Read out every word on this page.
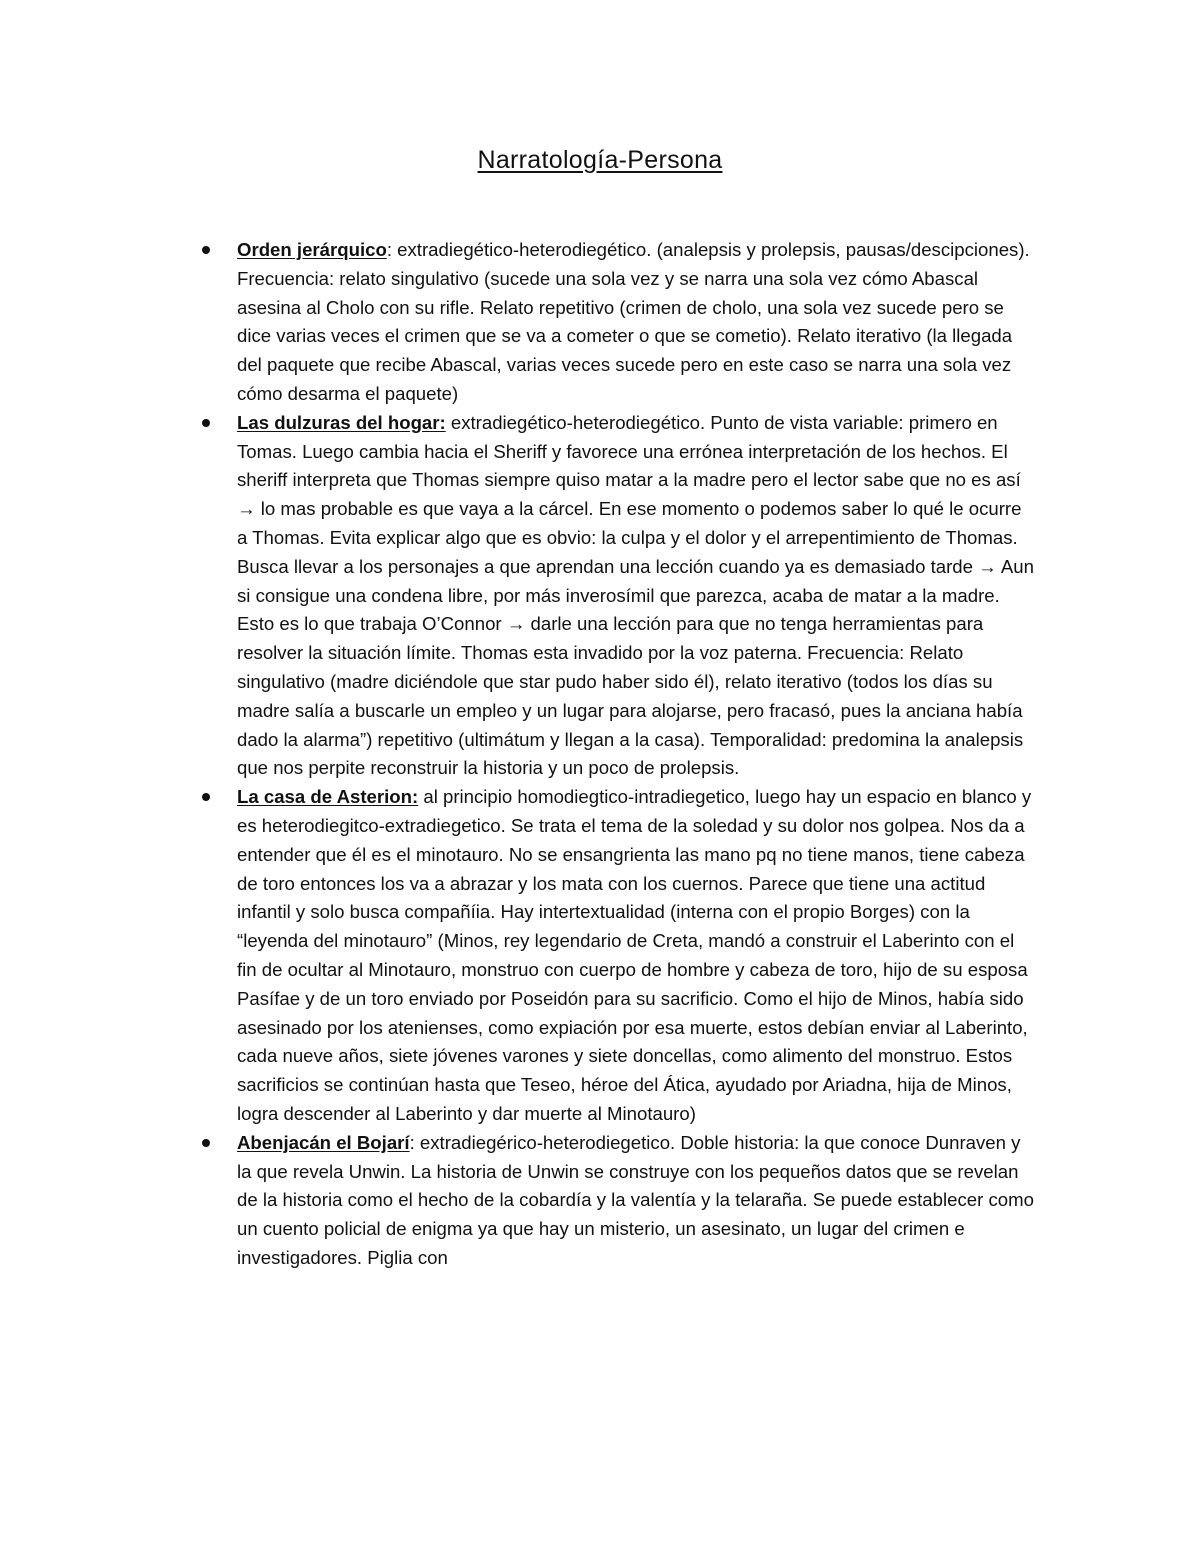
Narratología-Persona
Orden jerárquico: extradiegético-heterodiegético. (analepsis y prolepsis, pausas/descipciones). Frecuencia: relato singulativo (sucede una sola vez y se narra una sola vez cómo Abascal asesina al Cholo con su rifle. Relato repetitivo (crimen de cholo, una sola vez sucede pero se dice varias veces el crimen que se va a cometer o que se cometio). Relato iterativo (la llegada del paquete que recibe Abascal, varias veces sucede pero en este caso se narra una sola vez cómo desarma el paquete)
Las dulzuras del hogar: extradiegético-heterodiegético. Punto de vista variable: primero en Tomas. Luego cambia hacia el Sheriff y favorece una errónea interpretación de los hechos. El sheriff interpreta que Thomas siempre quiso matar a la madre pero el lector sabe que no es así → lo mas probable es que vaya a la cárcel. En ese momento o podemos saber lo qué le ocurre a Thomas. Evita explicar algo que es obvio: la culpa y el dolor y el arrepentimiento de Thomas. Busca llevar a los personajes a que aprendan una lección cuando ya es demasiado tarde → Aun si consigue una condena libre, por más inverosímil que parezca, acaba de matar a la madre. Esto es lo que trabaja O’Connor → darle una lección para que no tenga herramientas para resolver la situación límite. Thomas esta invadido por la voz paterna. Frecuencia: Relato singulativo (madre diciéndole que star pudo haber sido él), relato iterativo (todos los días su madre salía a buscarle un empleo y un lugar para alojarse, pero fracasó, pues la anciana había dado la alarma”) repetitivo (ultimátum y llegan a la casa). Temporalidad: predomina la analepsis que nos perpite reconstruir la historia y un poco de prolepsis.
La casa de Asterion: al principio homodiegtico-intradiegetico, luego hay un espacio en blanco y es heterodiegitco-extradiegetico. Se trata el tema de la soledad y su dolor nos golpea. Nos da a entender que él es el minotauro. No se ensangrienta las mano pq no tiene manos, tiene cabeza de toro entonces los va a abrazar y los mata con los cuernos. Parece que tiene una actitud infantil y solo busca compañíia. Hay intertextualidad (interna con el propio Borges) con la “leyenda del minotauro” (Minos, rey legendario de Creta, mandó a construir el Laberinto con el fin de ocultar al Minotauro, monstruo con cuerpo de hombre y cabeza de toro, hijo de su esposa Pasífae y de un toro enviado por Poseidón para su sacrificio. Como el hijo de Minos, había sido asesinado por los atenienses, como expiación por esa muerte, estos debían enviar al Laberinto, cada nueve años, siete jóvenes varones y siete doncellas, como alimento del monstruo. Estos sacrificios se continúan hasta que Teseo, héroe del Ática, ayudado por Ariadna, hija de Minos, logra descender al Laberinto y dar muerte al Minotauro)
Abenjacán el Bojarí: extradiegérico-heterodiegetico. Doble historia: la que conoce Dunraven y la que revela Unwin. La historia de Unwin se construye con los pequeños datos que se revelan de la historia como el hecho de la cobardía y la valentía y la telaraña. Se puede establecer como un cuento policial de enigma ya que hay un misterio, un asesinato, un lugar del crimen e investigadores. Piglia con
